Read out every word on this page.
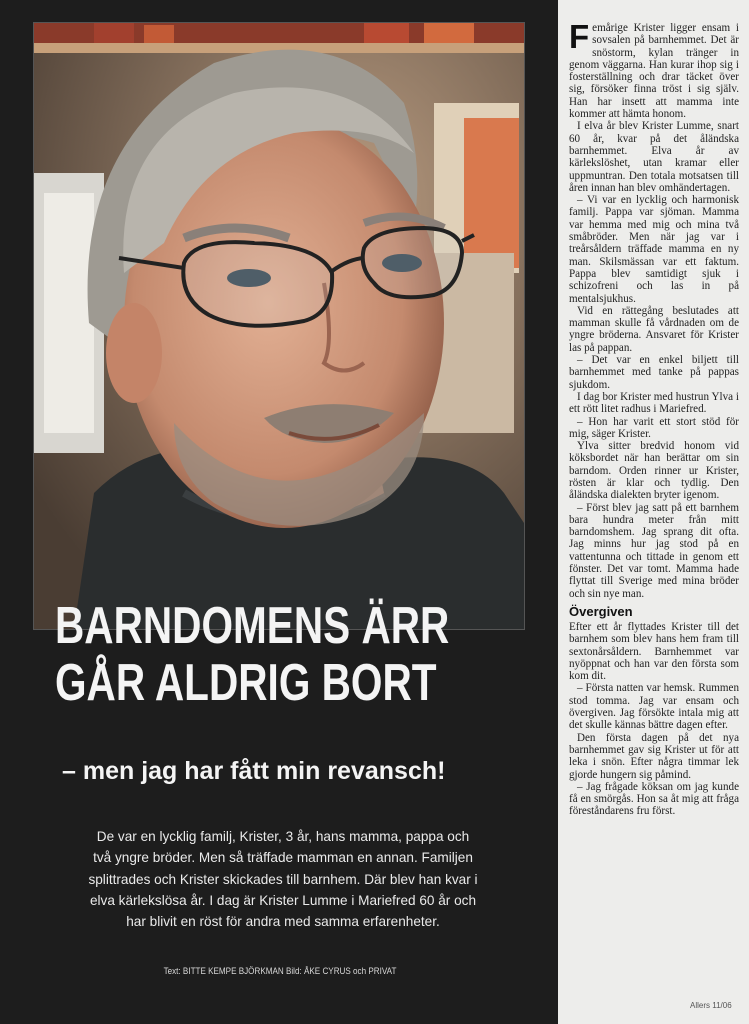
BARNDOMENS ÄRR
GÅR ALDRIG BORT

– men jag har fått min revansch!

De var en lycklig familj, Krister, 3 år, hans mamma, pappa och två yngre bröder. Men så träffade mamman en annan. Familjen splittrades och Krister skickades till barnhem. Där blev han kvar i elva kärlekslösa år. I dag är Krister Lumme i Mariefred 60 år och har blivit en röst för andra med samma erfarenheter.

Text: BITTE KEMPE BJÖRKMAN Bild: ÅKE CYRUS och PRIVAT

Femårige Krister ligger ensam i sovsalen på barnhemmet. Det är snöstorm, kylan tränger in genom väggarna. Han kurar ihop sig i fosterställning och drar täcket över sig, försöker finna tröst i sig själv. Han har insett att mamma inte kommer att hämta honom.

I elva år blev Krister Lumme, snart 60 år, kvar på det åländska barnhemmet. Elva år av kärlekslöshet, utan kramar eller uppmuntran. Den totala motsatsen till åren innan han blev omhändertagen.

– Vi var en lycklig och harmonisk familj. Pappa var sjöman. Mamma var hemma med mig och mina två småbröder. Men när jag var i treårsåldern träffade mamma en ny man. Skilsmässan var ett faktum. Pappa blev samtidigt sjuk i schizofreni och las in på mentalsjukhus.

Vid en rättegång beslutades att mamman skulle få vårdnaden om de yngre bröderna. Ansvaret för Krister las på pappan.

– Det var en enkel biljett till barnhemmet med tanke på pappas sjukdom.

I dag bor Krister med hustrun Ylva i ett rött litet radhus i Mariefred.

– Hon har varit ett stort stöd för mig, säger Krister.

Ylva sitter bredvid honom vid köksbordet när han berättar om sin barndom. Orden rinner ur Krister, rösten är klar och tydlig. Den åländska dialekten bryter igenom.

– Först blev jag satt på ett barnhem bara hundra meter från mitt barndomshem. Jag sprang dit ofta. Jag minns hur jag stod på en vattentunna och tittade in genom ett fönster. Det var tomt. Mamma hade flyttat till Sverige med mina bröder och sin nye man.

Övergiven

Efter ett år flyttades Krister till det barnhem som blev hans hem fram till sextonårsåldern. Barnhemmet var nyöppnat och han var den första som kom dit.

– Första natten var hemsk. Rummen stod tomma. Jag var ensam och övergiven. Jag försökte intala mig att det skulle kännas bättre dagen efter.

Den första dagen på det nya barnhemmet gav sig Krister ut för att leka i snön. Efter några timmar lek gjorde hungern sig påmind.

– Jag frågade köksan om jag kunde få en smörgås. Hon sa åt mig att fråga föreståndarens fru först.

Allers 11/06
